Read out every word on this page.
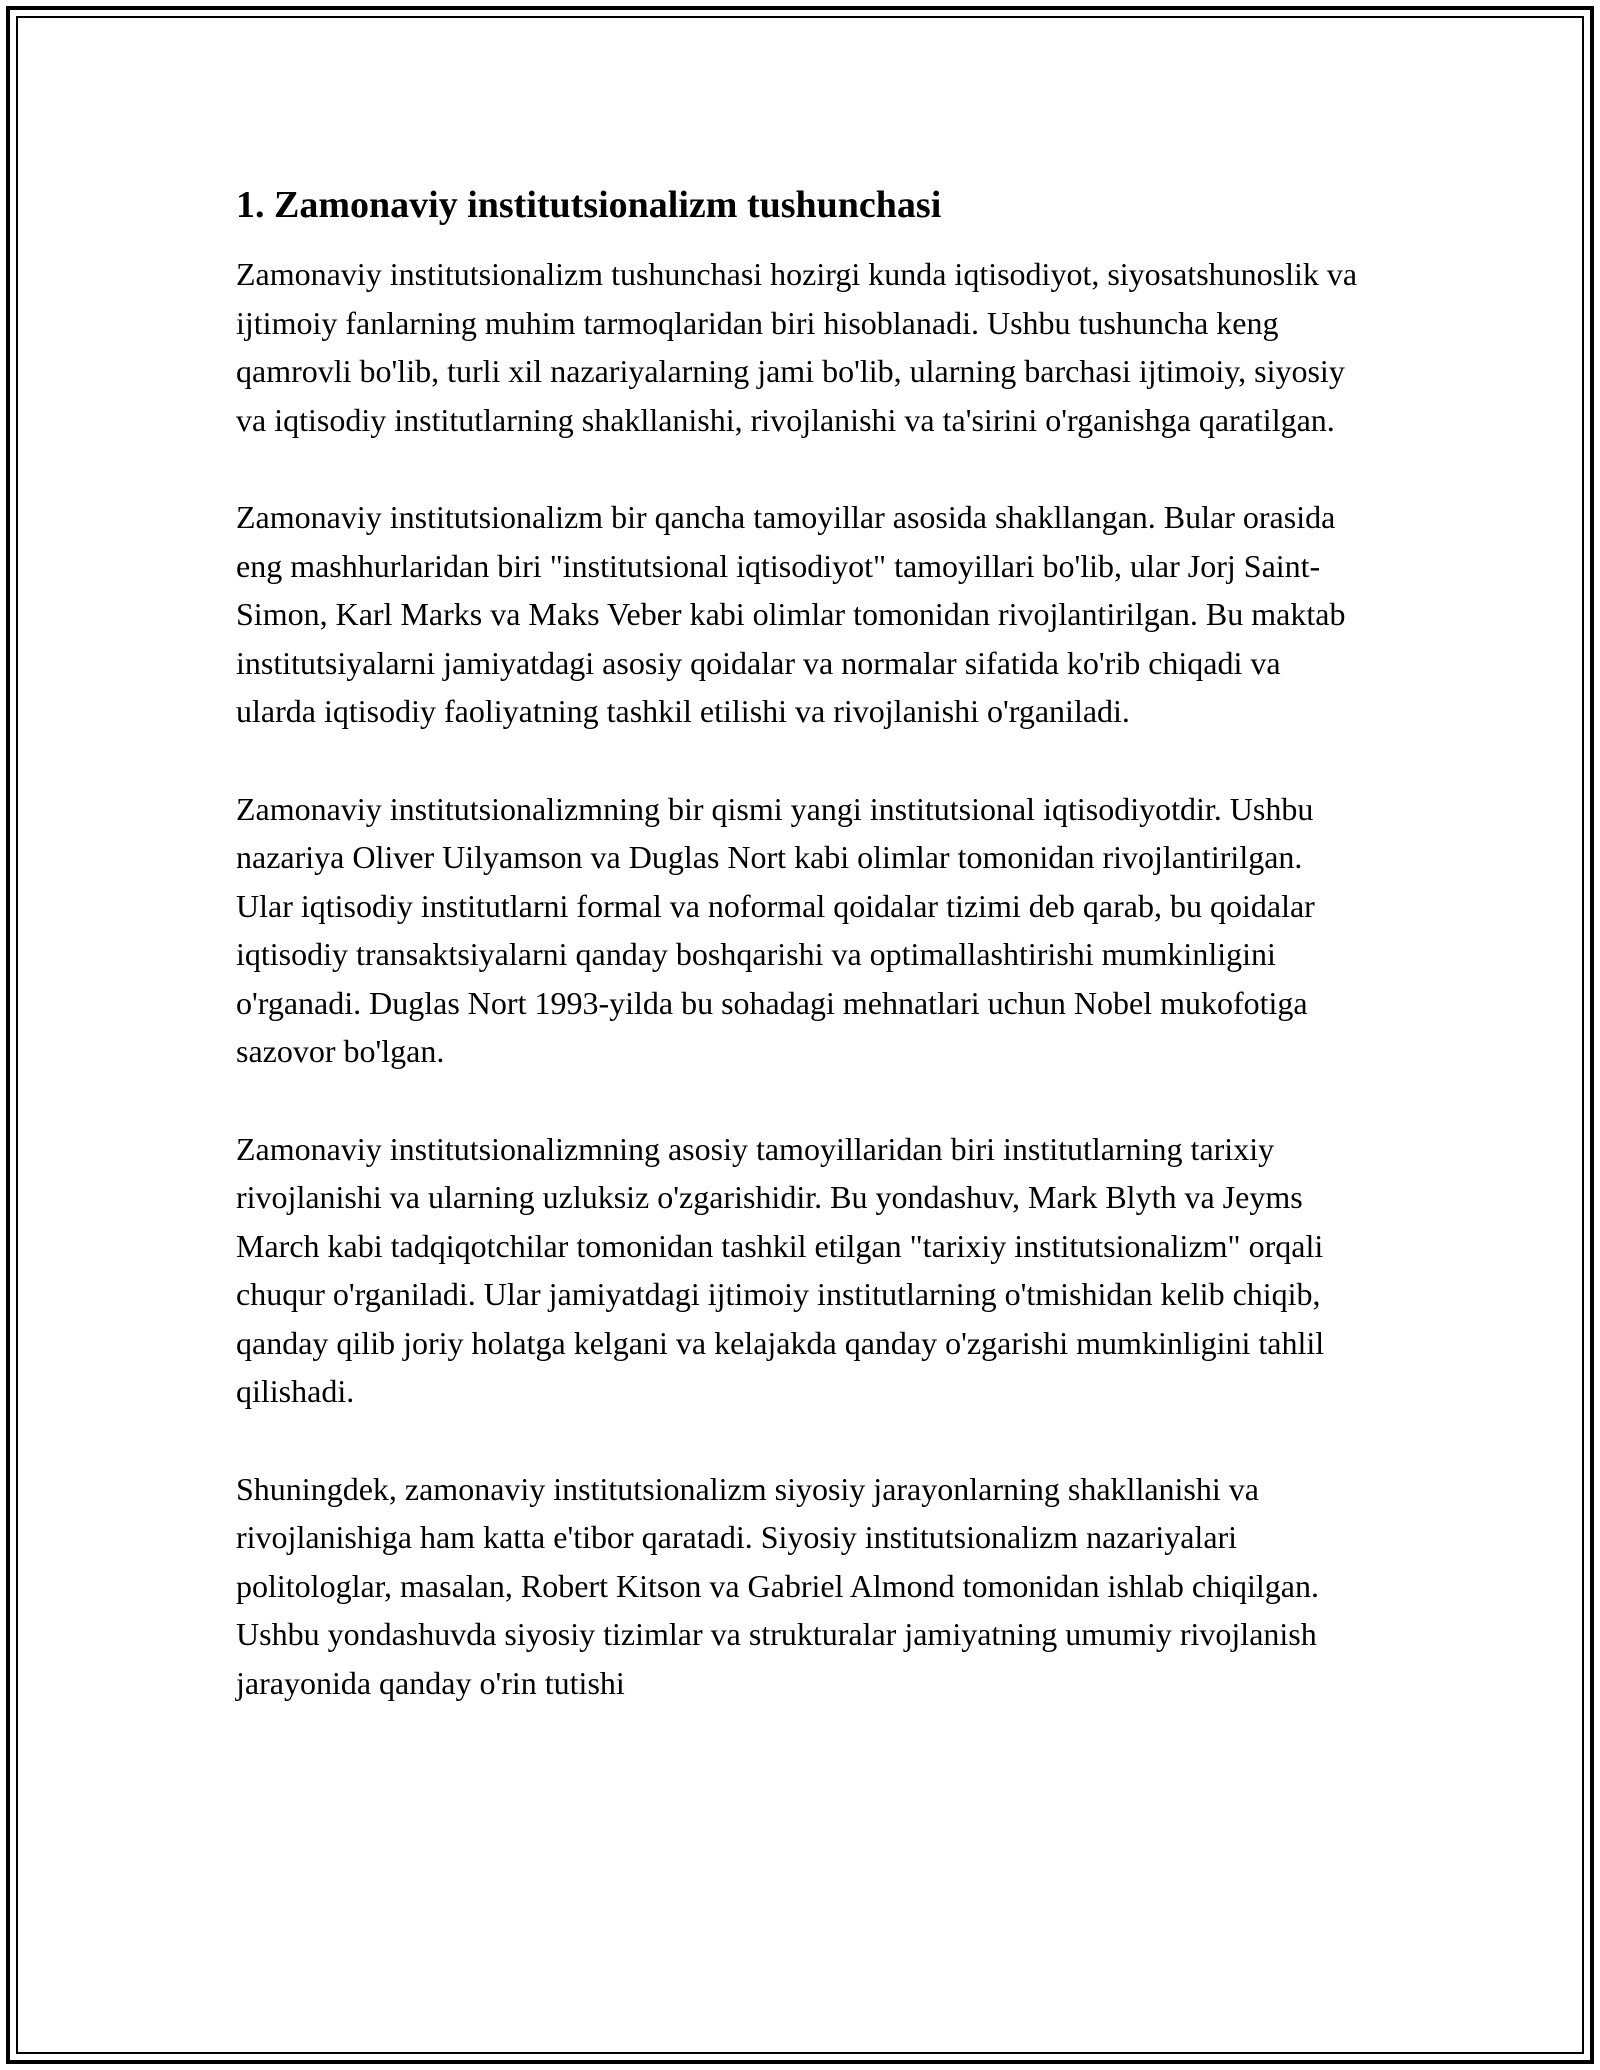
1. Zamonaviy institutsionalizm tushunchasi

Zamonaviy institutsionalizm tushunchasi hozirgi kunda iqtisodiyot, siyosatshunoslik va ijtimoiy fanlarning muhim tarmoqlaridan biri hisoblanadi. Ushbu tushuncha keng qamrovli bo'lib, turli xil nazariyalarning jami bo'lib, ularning barchasi ijtimoiy, siyosiy va iqtisodiy institutlarning shakllanishi, rivojlanishi va ta'sirini o'rganishga qaratilgan.

Zamonaviy institutsionalizm bir qancha tamoyillar asosida shakllangan. Bular orasida eng mashhurlaridan biri "institutsional iqtisodiyot" tamoyillari bo'lib, ular Jorj Saint-Simon, Karl Marks va Maks Veber kabi olimlar tomonidan rivojlantirilgan. Bu maktab institutsiyalarni jamiyatdagi asosiy qoidalar va normalar sifatida ko'rib chiqadi va ularda iqtisodiy faoliyatning tashkil etilishi va rivojlanishi o'rganiladi.

Zamonaviy institutsionalizmning bir qismi yangi institutsional iqtisodiyotdir. Ushbu nazariya Oliver Uilyamson va Duglas Nort kabi olimlar tomonidan rivojlantirilgan. Ular iqtisodiy institutlarni formal va noformal qoidalar tizimi deb qarab, bu qoidalar iqtisodiy transaktsiyalarni qanday boshqarishi va optimallashtirishi mumkinligini o'rganadi. Duglas Nort 1993-yilda bu sohadagi mehnatlari uchun Nobel mukofotiga sazovor bo'lgan.

Zamonaviy institutsionalizmning asosiy tamoyillaridan biri institutlarning tarixiy rivojlanishi va ularning uzluksiz o'zgarishidir. Bu yondashuv, Mark Blyth va Jeyms March kabi tadqiqotchilar tomonidan tashkil etilgan "tarixiy institutsionalizm" orqali chuqur o'rganiladi. Ular jamiyatdagi ijtimoiy institutlarning o'tmishidan kelib chiqib, qanday qilib joriy holatga kelgani va kelajakda qanday o'zgarishi mumkinligini tahlil qilishadi.

Shuningdek, zamonaviy institutsionalizm siyosiy jarayonlarning shakllanishi va rivojlanishiga ham katta e'tibor qaratadi. Siyosiy institutsionalizm nazariyalari politologlar, masalan, Robert Kitson va Gabriel Almond tomonidan ishlab chiqilgan. Ushbu yondashuvda siyosiy tizimlar va strukturalar jamiyatning umumiy rivojlanish jarayonida qanday o'rin tutishi
